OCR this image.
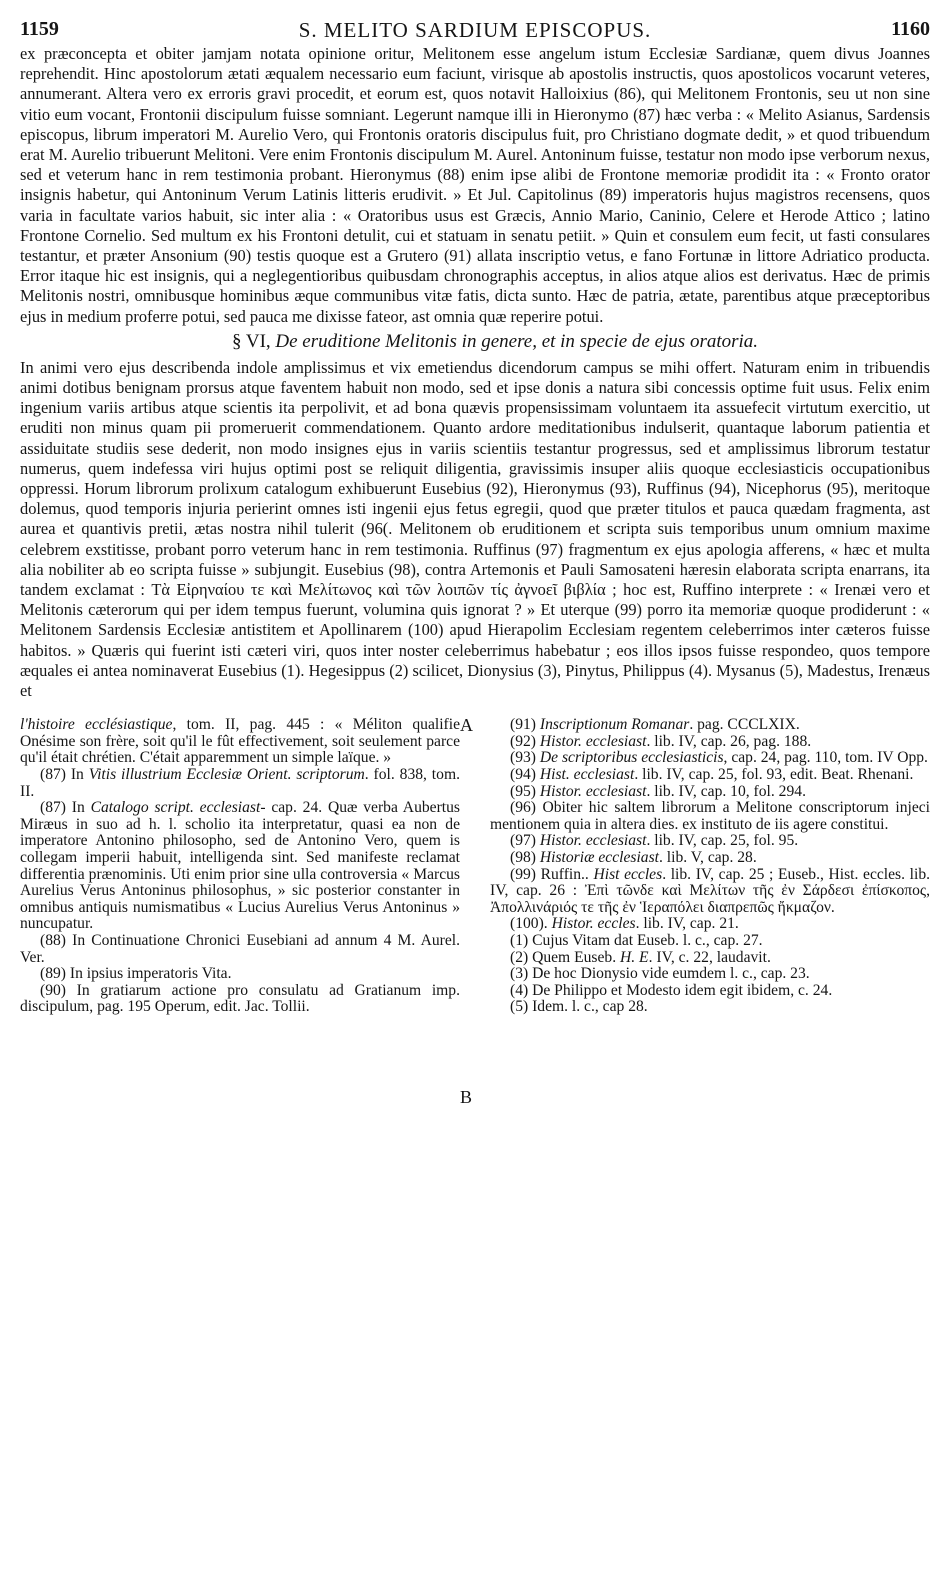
1159	S. MELITO SARDIUM EPISCOPUS.	1160

ex præconcepta et obiter jamjam notata opinione oritur, Melitonem esse angelum istum Ecclesiæ Sardianæ, quem divus Joannes reprehendit. Hinc apostolorum ætati æqualem necessario eum faciunt, virisque ab apostolis instructis, quos apostolicos vocarunt veteres, annumerant. Altera vero ex erroris gravi procedit, et eorum est, quos notavit Halloixius (86), qui Melitonem Frontonis, seu ut non sine vitio eum vocant, Frontonii discipulum fuisse somniant. Legerunt namque illi in Hieronymo (87) hæc verba : « Melito Asianus, Sardensis episcopus, librum imperatori M. Aurelio Vero, qui Frontonis oratoris discipulus fuit, pro Christiano dogmate dedit, » et quod tribuendum erat M. Aurelio tribuerunt Melitoni. Vere enim Frontonis discipulum M. Aurel. Antoninum fuisse, testatur non modo ipse verborum nexus, sed et veterum hanc in rem testimonia probant. Hieronymus (88) enim ipse alibi de Frontone memoriæ prodidit ita : « Fronto orator insignis habetur, qui Antoninum Verum Latinis litteris erudivit. » Et Jul. Capitolinus (89) imperatoris hujus magistros recensens, quos varia in facultate varios habuit, sic inter alia : « Oratoribus usus est Græcis, Annio Mario, Caninio, Celere et Herode Attico ; latino Frontone Cornelio. Sed multum ex his Frontoni detulit, cui et statuam in senatu petiit. » Quin et consulem eum fecit, ut fasti consulares testantur, et præter Ansonium (90) testis quoque est a Grutero (91) allata inscriptio vetus, e fano Fortunæ in littore Adriatico producta. Error itaque hic est insignis, qui a neglegentioribus quibusdam chronographis acceptus, in alios atque alios est derivatus. Hæc de primis Melitonis nostri, omnibusque hominibus æque communibus vitæ fatis, dicta sunto. Hæc de patria, ætate, parentibus atque præceptoribus ejus in medium proferre potui, sed pauca me dixisse fateor, ast omnia quæ reperire potui.

§ VI, De eruditione Melitonis in genere, et in specie de ejus oratoria.

In animi vero ejus describenda indole amplissimus et vix emetiendus dicendorum campus se mihi offert. Naturam enim in tribuendis animi dotibus benignam prorsus atque faventem habuit non modo, sed et ipse donis a natura sibi concessis optime fuit usus. Felix enim ingenium variis artibus atque scientis ita perpolivit, et ad bona quævis propensissimam voluntaem ita assuefecit virtutum exercitio, ut eruditi non minus quam pii promeruerit commendationem. Quanto ardore meditationibus indulserit, quantaque laborum patientia et assiduitate studiis sese dederit, non modo insignes ejus in variis scientiis testantur progressus, sed et amplissimus librorum testatur numerus, quem indefessa viri hujus optimi post se reliquit diligentia, gravissimis insuper aliis quoque ecclesiasticis occupationibus oppressi. Horum librorum prolixum catalogum exhibuerunt Eusebius (92), Hieronymus (93), Ruffinus (94), Nicephorus (95), meritoque dolemus, quod temporis injuria perierint omnes isti ingenii ejus fetus egregii, quod que præter titulos et pauca quædam fragmenta, ast aurea et quantivis pretii, ætas nostra nihil tulerit (96(. Melitonem ob eruditionem et scripta suis temporibus unum omnium maxime celebrem exstitisse, probant porro veterum hanc in rem testimonia. Ruffinus (97) fragmentum ex ejus apologia afferens, « hæc et multa alia nobiliter ab eo scripta fuisse » subjungit. Eusebius (98), contra Artemonis et Pauli Samosateni hæresin elaborata scripta enarrans, ita tandem exclamat : Τὰ Εἰρηναίου τε καὶ Μελίτωνος καὶ τῶν λοιπῶν τίς ἀγνοεῖ βιβλία ; hoc est, Ruffino interprete : « Irenæi vero et Melitonis cæterorum qui per idem tempus fuerunt, volumina quis ignorat ? » Et uterque (99) porro ita memoriæ quoque prodiderunt : « Melitonem Sardensis Ecclesiæ antistitem et Apollinarem (100) apud Hierapolim Ecclesiam regentem celeberrimos inter cæteros fuisse habitos. » Quæris qui fuerint isti cæteri viri, quos inter noster celeberrimus habebatur ; eos illos ipsos fuisse respondeo, quos tempore æquales ei antea nominaverat Eusebius (1). Hegesippus (2) scilicet, Dionysius (3), Pinytus, Philippus (4). Mysanus (5), Madestus, Irenæus et

l'histoire ecclésiastique, tom. II, pag. 445 : « Méliton qualifie Onésime son frère, soit qu'il le fût effectivement, soit seulement parce qu'il était chrétien. C'était apparemment un simple laïque. »

(87) In Vitis illustrium Ecclesiæ Orient. scriptorum. fol. 838, tom. II.

(87) In Catalogo script. ecclesiast- cap. 24. Quæ verba Aubertus Miræus in suo ad h. l. scholio ita interpretatur, quasi ea non de imperatore Antonino philosopho, sed de Antonino Vero, quem is collegam imperii habuit, intelligenda sint. Sed manifeste reclamat differentia prænominis. Uti enim prior sine ulla controversia « Marcus Aurelius Verus Antoninus philosophus, » sic posterior constanter in omnibus antiquis numismatibus « Lucius Aurelius Verus Antoninus » nuncupatur.

(88) In Continuatione Chronici Eusebiani ad annum 4 M. Aurel. Ver.

(89) In ipsius imperatoris Vita.

(90) In gratiarum actione pro consulatu ad Gratianum imp. discipulum, pag. 195 Operum, edit. Jac. Tollii.

(91) Inscriptionum Romanar. pag. CCCLXIX.

(92) Histor. ecclesiast. lib. IV, cap. 26, pag. 188.

(93) De scriptoribus ecclesiasticis, cap. 24, pag. 110, tom. IV Opp.

(94) Hist. ecclesiast. lib. IV, cap. 25, fol. 93, edit. Beat. Rhenani.

(95) Histor. ecclesiast. lib. IV, cap. 10, fol. 294.

(96) Obiter hic saltem librorum a Melitone conscriptorum injeci mentionem quia in altera dies. ex instituto de iis agere constitui.

(97) Histor. ecclesiast. lib. IV, cap. 25, fol. 95.

(98) Historiæ ecclesiast. lib. V, cap. 28.

(99) Ruffin.. Hist eccles. lib. IV, cap. 25 ; Euseb., Hist. eccles. lib. IV, cap. 26 : Ἐπὶ τῶνδε καὶ Μελίτων τῆς ἐν Σάρδεσι ἐπίσκοπος, Ἀπολλινάριός τε τῆς ἐν Ἱεραπόλει διαπρεπῶς ἤκμαζον.

(100). Histor. eccles. lib. IV, cap. 21.

(1) Cujus Vitam dat Euseb. l. c., cap. 27.

(2) Quem Euseb. H. E. IV, c. 22, laudavit.

(3) De hoc Dionysio vide eumdem l. c., cap. 23.

(4) De Philippo et Modesto idem egit ibidem, c. 24.

(5) Idem. l. c., cap 28.

A
B
